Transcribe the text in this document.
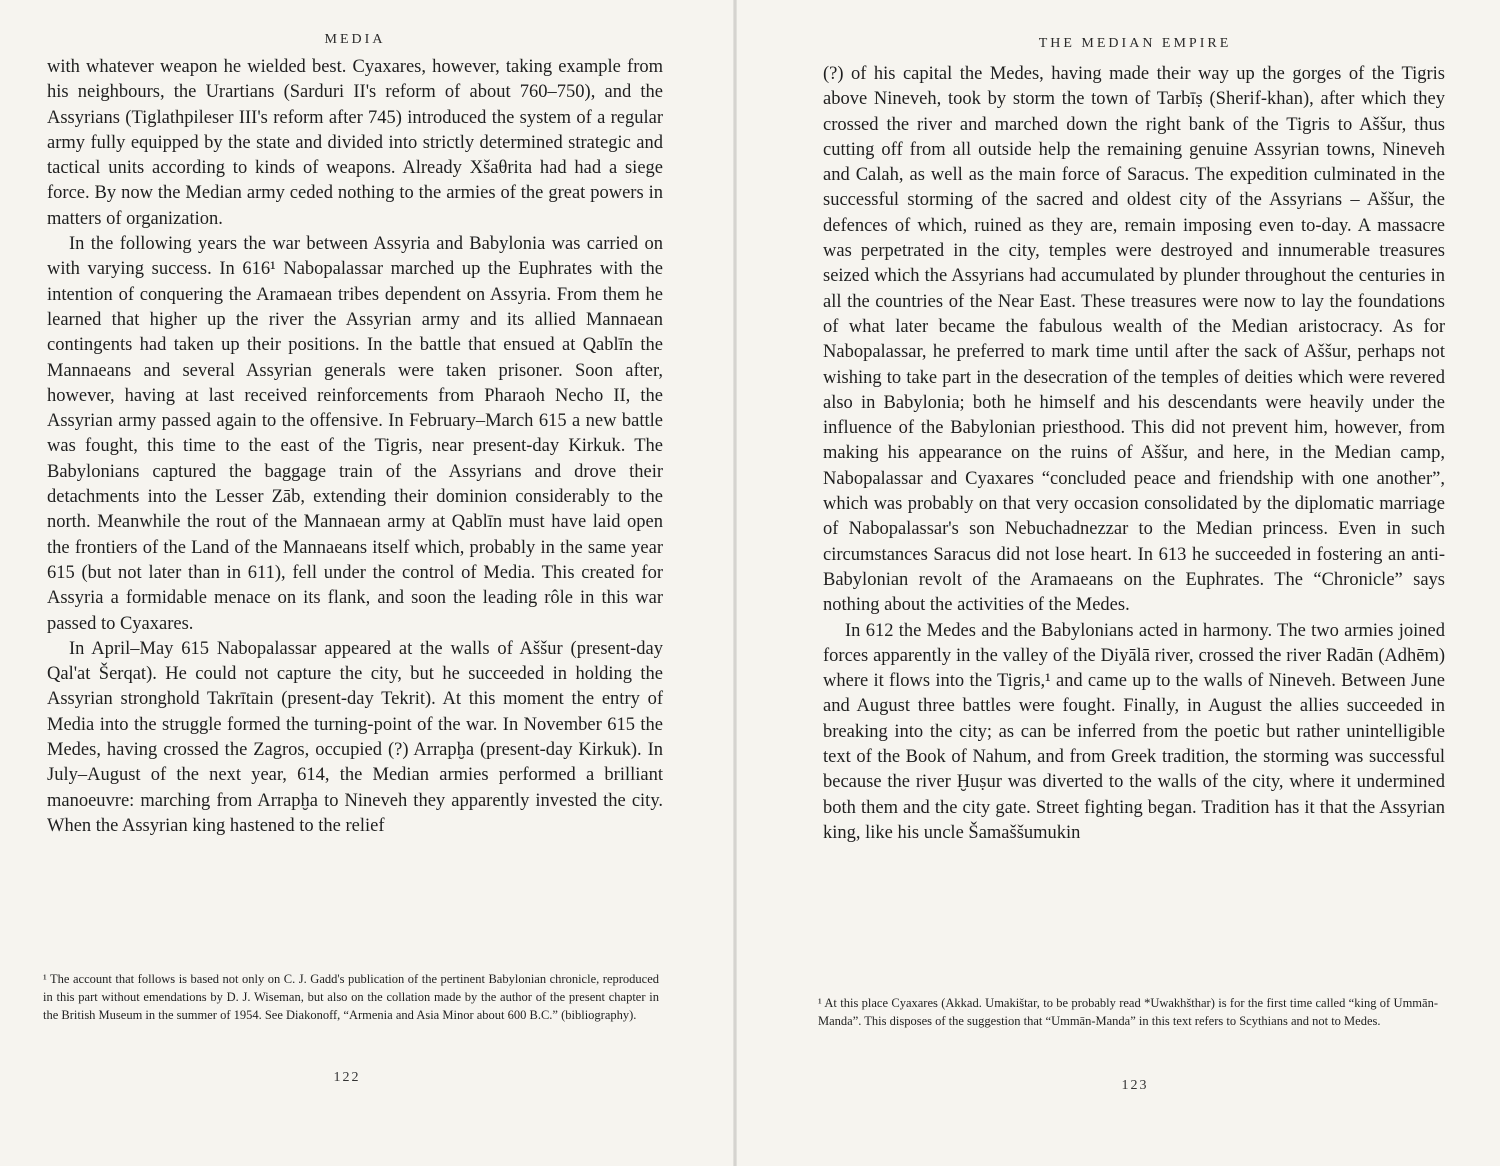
MEDIA

with whatever weapon he wielded best. Cyaxares, however, taking example from his neighbours, the Urartians (Sarduri II's reform of about 760–750), and the Assyrians (Tiglathpileser III's reform after 745) introduced the system of a regular army fully equipped by the state and divided into strictly determined strategic and tactical units according to kinds of weapons. Already Xšaθrita had had a siege force. By now the Median army ceded nothing to the armies of the great powers in matters of organization.

In the following years the war between Assyria and Babylonia was carried on with varying success. In 616¹ Nabopalassar marched up the Euphrates with the intention of conquering the Aramaean tribes dependent on Assyria. From them he learned that higher up the river the Assyrian army and its allied Mannaean contingents had taken up their positions. In the battle that ensued at Qablīn the Mannaeans and several Assyrian generals were taken prisoner. Soon after, however, having at last received reinforcements from Pharaoh Necho II, the Assyrian army passed again to the offensive. In February–March 615 a new battle was fought, this time to the east of the Tigris, near present-day Kirkuk. The Babylonians captured the baggage train of the Assyrians and drove their detachments into the Lesser Zāb, extending their dominion considerably to the north. Meanwhile the rout of the Mannaean army at Qablīn must have laid open the frontiers of the Land of the Mannaeans itself which, probably in the same year 615 (but not later than in 611), fell under the control of Media. This created for Assyria a formidable menace on its flank, and soon the leading rôle in this war passed to Cyaxares.

In April–May 615 Nabopalassar appeared at the walls of Aššur (present-day Qal'at Šerqat). He could not capture the city, but he succeeded in holding the Assyrian stronghold Takrītain (present-day Tekrit). At this moment the entry of Media into the struggle formed the turning-point of the war. In November 615 the Medes, having crossed the Zagros, occupied (?) Arrapḫa (present-day Kirkuk). In July–August of the next year, 614, the Median armies performed a brilliant manoeuvre: marching from Arrapḫa to Nineveh they apparently invested the city. When the Assyrian king hastened to the relief

¹ The account that follows is based not only on C. J. Gadd's publication of the pertinent Babylonian chronicle, reproduced in this part without emendations by D. J. Wiseman, but also on the collation made by the author of the present chapter in the British Museum in the summer of 1954. See Diakonoff, “Armenia and Asia Minor about 600 B.C.” (bibliography).

122
THE MEDIAN EMPIRE

(?) of his capital the Medes, having made their way up the gorges of the Tigris above Nineveh, took by storm the town of Tarbīṣ (Sherif-khan), after which they crossed the river and marched down the right bank of the Tigris to Aššur, thus cutting off from all outside help the remaining genuine Assyrian towns, Nineveh and Calah, as well as the main force of Saracus. The expedition culminated in the successful storming of the sacred and oldest city of the Assyrians – Aššur, the defences of which, ruined as they are, remain imposing even to-day. A massacre was perpetrated in the city, temples were destroyed and innumerable treasures seized which the Assyrians had accumulated by plunder throughout the centuries in all the countries of the Near East. These treasures were now to lay the foundations of what later became the fabulous wealth of the Median aristocracy. As for Nabopalassar, he preferred to mark time until after the sack of Aššur, perhaps not wishing to take part in the desecration of the temples of deities which were revered also in Babylonia; both he himself and his descendants were heavily under the influence of the Babylonian priesthood. This did not prevent him, however, from making his appearance on the ruins of Aššur, and here, in the Median camp, Nabopalassar and Cyaxares “concluded peace and friendship with one another”, which was probably on that very occasion consolidated by the diplomatic marriage of Nabopalassar's son Nebuchadnezzar to the Median princess. Even in such circumstances Saracus did not lose heart. In 613 he succeeded in fostering an anti-Babylonian revolt of the Aramaeans on the Euphrates. The “Chronicle” says nothing about the activities of the Medes.

In 612 the Medes and the Babylonians acted in harmony. The two armies joined forces apparently in the valley of the Diyālā river, crossed the river Radān (Adhēm) where it flows into the Tigris,¹ and came up to the walls of Nineveh. Between June and August three battles were fought. Finally, in August the allies succeeded in breaking into the city; as can be inferred from the poetic but rather unintelligible text of the Book of Nahum, and from Greek tradition, the storming was successful because the river Ḫuṣur was diverted to the walls of the city, where it undermined both them and the city gate. Street fighting began. Tradition has it that the Assyrian king, like his uncle Šamaššumukin

123

¹ At this place Cyaxares (Akkad. Umakištar, to be probably read *Uwakhšthar) is for the first time called “king of Ummān-Manda”. This disposes of the suggestion that “Ummān-Manda” in this text refers to Scythians and not to Medes.
